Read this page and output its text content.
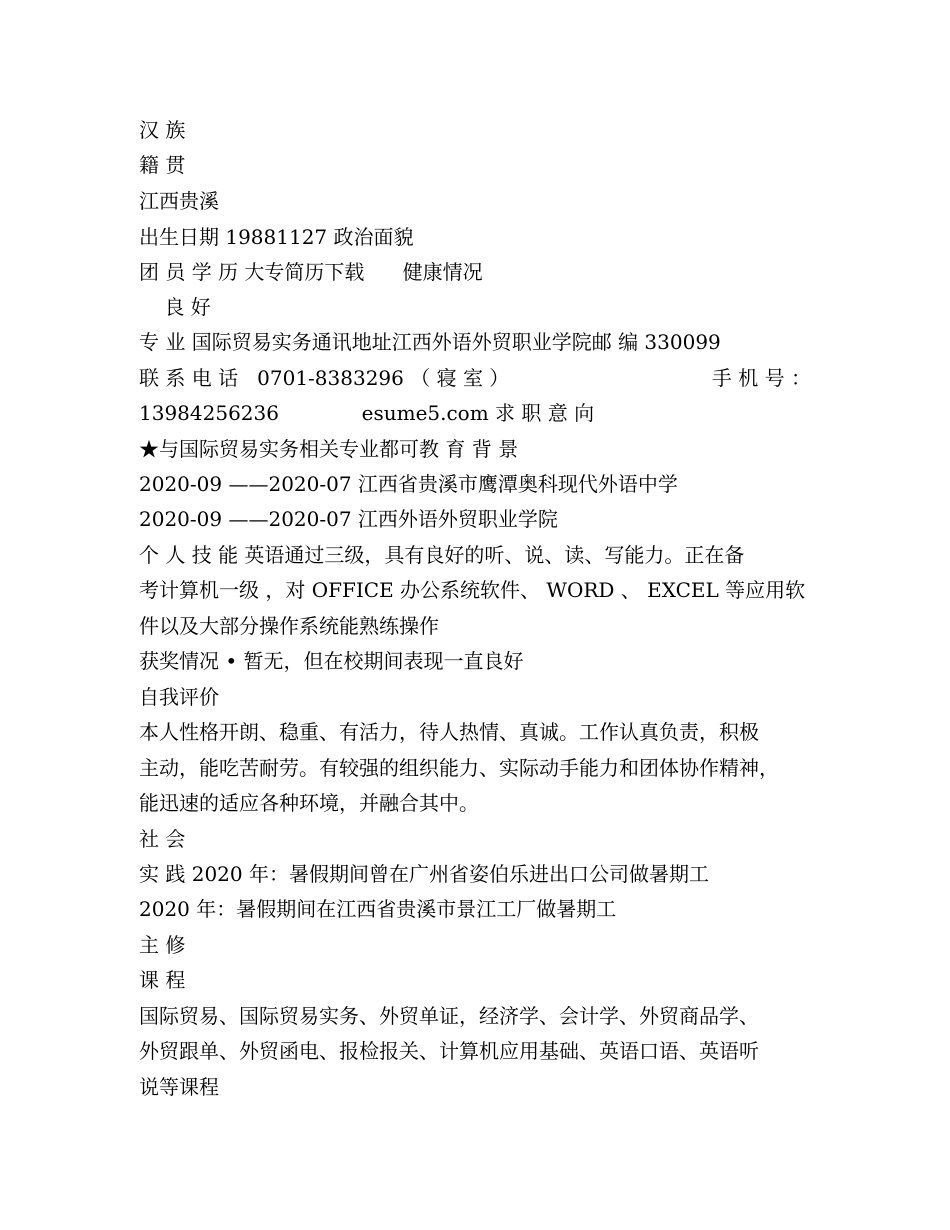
汉 族
籍 贯
江西贵溪
出生日期 19881127 政治面貌
团 员 学 历 大专简历下载      健康情况
良 好
专 业 国际贸易实务通讯地址江西外语外贸职业学院邮 编 330099
联 系 电 话   0701-8383296 （ 寝 室 ）	手 机 号 ：
13984256236             esume5.com 求 职 意 向
★与国际贸易实务相关专业都可教 育 背 景
2020-09 ——2020-07 江西省贵溪市鹰潭奥科现代外语中学
2020-09 ——2020-07 江西外语外贸职业学院
个 人 技 能 英语通过三级，具有良好的听、说、读、写能力。正在备
考计算机一级 ，对 OFFICE 办公系统软件、 WORD 、 EXCEL 等应用软
件以及大部分操作系统能熟练操作
获奖情况 • 暂无，但在校期间表现一直良好
自我评价
本人性格开朗、稳重、有活力，待人热情、真诚。工作认真负责，积极
主动，能吃苦耐劳。有较强的组织能力、实际动手能力和团体协作精神，
能迅速的适应各种环境，并融合其中。
社 会
实 践 2020 年：暑假期间曾在广州省姿伯乐进出口公司做暑期工
2020 年：暑假期间在江西省贵溪市景江工厂做暑期工
主 修
课 程
国际贸易、国际贸易实务、外贸单证，经济学、会计学、外贸商品学、
外贸跟单、外贸函电、报检报关、计算机应用基础、英语口语、英语听
说等课程
